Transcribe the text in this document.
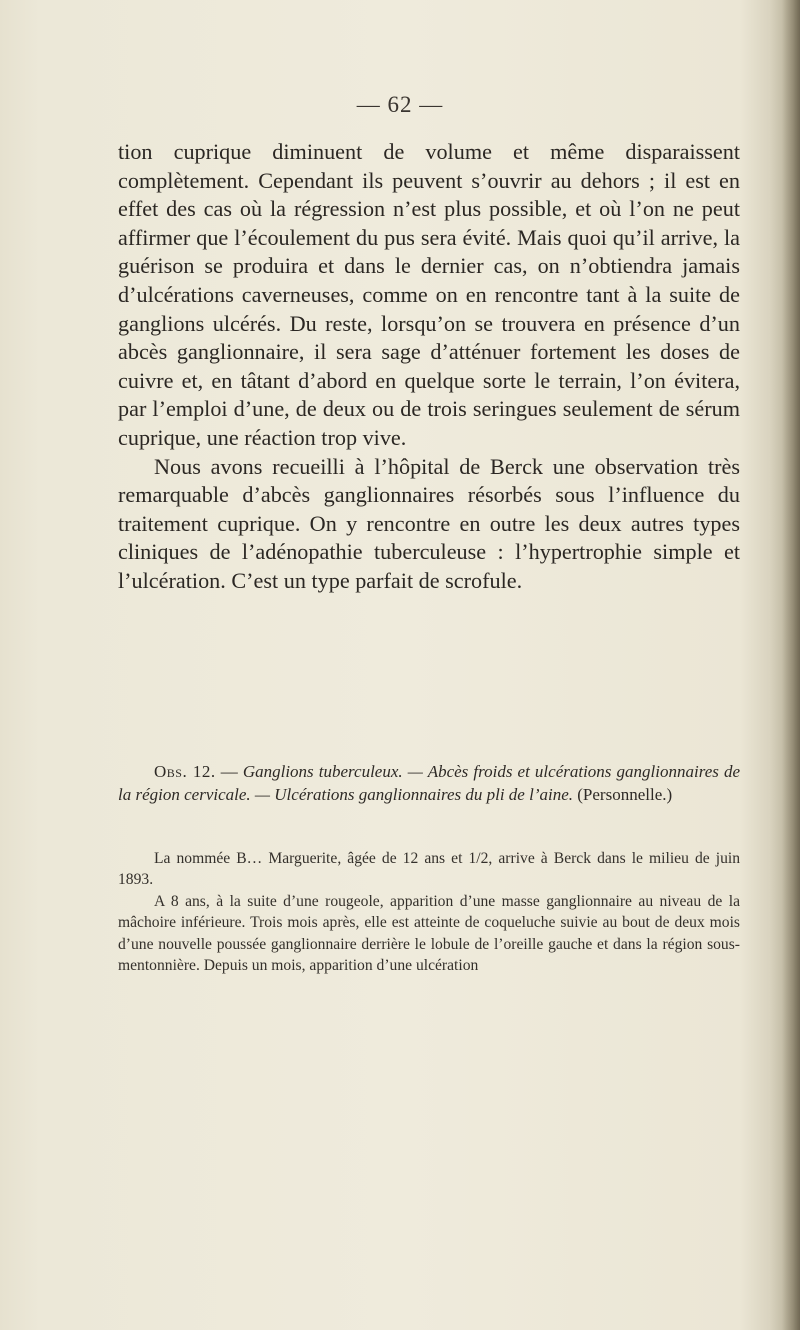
— 62 —

tion cuprique diminuent de volume et même disparaissent complètement. Cependant ils peuvent s’ouvrir au dehors ; il est en effet des cas où la régression n’est plus possible, et où l’on ne peut affirmer que l’écoulement du pus sera évité. Mais quoi qu’il arrive, la guérison se produira et dans le dernier cas, on n’obtiendra jamais d’ulcérations caverneuses, comme on en rencontre tant à la suite de ganglions ulcérés. Du reste, lorsqu’on se trouvera en présence d’un abcès ganglionnaire, il sera sage d’atténuer fortement les doses de cuivre et, en tâtant d’abord en quelque sorte le terrain, l’on évitera, par l’emploi d’une, de deux ou de trois seringues seulement de sérum cuprique, une réaction trop vive.

Nous avons recueilli à l’hôpital de Berck une observation très remarquable d’abcès ganglionnaires résorbés sous l’influence du traitement cuprique. On y rencontre en outre les deux autres types cliniques de l’adénopathie tuberculeuse : l’hypertrophie simple et l’ulcération. C’est un type parfait de scrofule.

Obs. 12. — Ganglions tuberculeux. — Abcès froids et ulcérations ganglionnaires de la région cervicale. — Ulcérations ganglionnaires du pli de l’aine. (Personnelle.)

La nommée B… Marguerite, âgée de 12 ans et 1/2, arrive à Berck dans le milieu de juin 1893.

A 8 ans, à la suite d’une rougeole, apparition d’une masse ganglionnaire au niveau de la mâchoire inférieure. Trois mois après, elle est atteinte de coqueluche suivie au bout de deux mois d’une nouvelle poussée ganglionnaire derrière le lobule de l’oreille gauche et dans la région sous-mentonnière. Depuis un mois, apparition d’une ulcération
